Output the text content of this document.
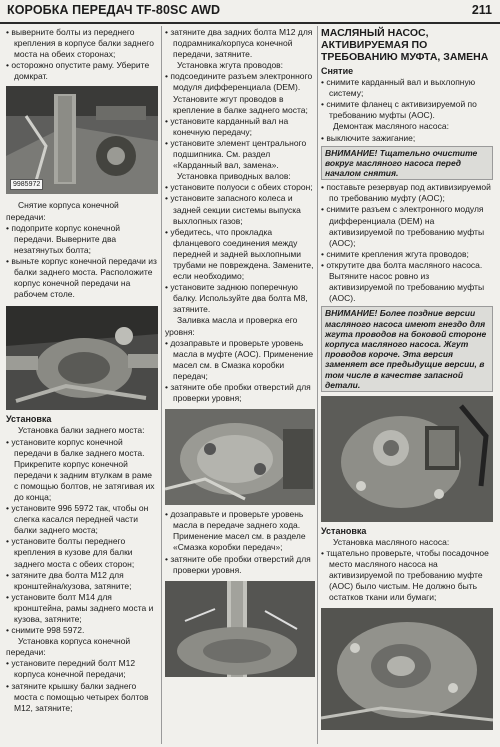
КОРОБКА ПЕРЕДАЧ TF-80SC AWD	211

• выверните болты из переднего крепления в корпусе балки заднего моста на обеих сторонах;

• осторожно опустите раму. Уберите домкрат.

9985972

Снятие корпуса конечной передачи:

• подоприте корпус конечной передачи. Выверните два незатянутых болта;

• выньте корпус конечной передачи из балки заднего моста. Расположите корпус конечной передачи на рабочем столе.

Установка

Установка балки заднего моста:

• установите корпус конечной передачи в балке заднего моста. Прикрепите корпус конечной передачи к задним втулкам в раме с помощью болтов, не затягивая их до конца;

• установите 996 5972 так, чтобы он слегка касался передней части балки заднего моста;

• установите болты переднего крепления в кузове для балки заднего моста с обеих сторон;

• затяните два болта M12 для кронштейна/кузова, затяните;

• установите болт M14 для кронштейна, рамы заднего моста и кузова, затяните;

• снимите 998 5972.

Установка корпуса конечной передачи:

• установите передний болт M12 корпуса конечной передачи;

• затяните крышку балки заднего моста с помощью четырех болтов M12, затяните;

• затяните два задних болта M12 для подрамника/корпуса конечной передачи, затяните.

Установка жгута проводов:

• подсоедините разъем электронного модуля дифференциала (DEM). Установите жгут проводов в крепление в балке заднего моста;

• установите карданный вал на конечную передачу;

• установите элемент центрального подшипника. См. раздел «Карданный вал, замена».

Установка приводных валов:

• установите полуоси с обеих сторон;

• установите запасного колеса и задней секции системы выпуска выхлопных газов;

• убедитесь, что прокладка фланцевого соединения между передней и задней выхлопными трубами не повреждена. Замените, если необходимо;

• установите заднюю поперечную балку. Используйте два болта M8, затяните.

Заливка масла и проверка его уровня:

• дозаправьте и проверьте уровень масла в муфте (AOC). Применение масел см. в Смазка коробки передач;

• затяните обе пробки отверстий для проверки уровня;

• дозаправьте и проверьте уровень масла в передаче заднего хода. Применение масел см. в разделе «Смазка коробки передач»;

• затяните обе пробки отверстий для проверки уровня.

МАСЛЯНЫЙ НАСОС, АКТИВИРУЕМАЯ ПО ТРЕБОВАНИЮ МУФТА, ЗАМЕНА
Снятие

• снимите карданный вал и выхлопную систему;

• снимите фланец с активизируемой по требованию муфты (AOC).

Демонтаж масляного насоса:

• выключите зажигание;

ВНИМАНИЕ! Тщательно очистите вокруг масляного насоса перед началом снятия.

• поставьте резервуар под активизируемой по требованию муфту (AOC);

• снимите разъем с электронного модуля дифференциала (DEM) на активизируемой по требованию муфты (AOC);

• снимите крепления жгута проводов;

• открутите два болта масляного насоса. Вытяните насос ровно из активизируемой по требованию муфты (AOC).

ВНИМАНИЕ! Более поздние версии масляного насоса имеют гнездо для жгута проводов на боковой стороне корпуса масляного насоса. Жгут проводов короче. Эта версия заменяет все предыдущие версии, в том числе в качестве запасной детали.
Установка

Установка масляного насоса:

• тщательно проверьте, чтобы посадочное место масляного насоса на активизируемой по требованию муфте (AOC) было чистым. Не должно быть остатков ткани или бумаги;
